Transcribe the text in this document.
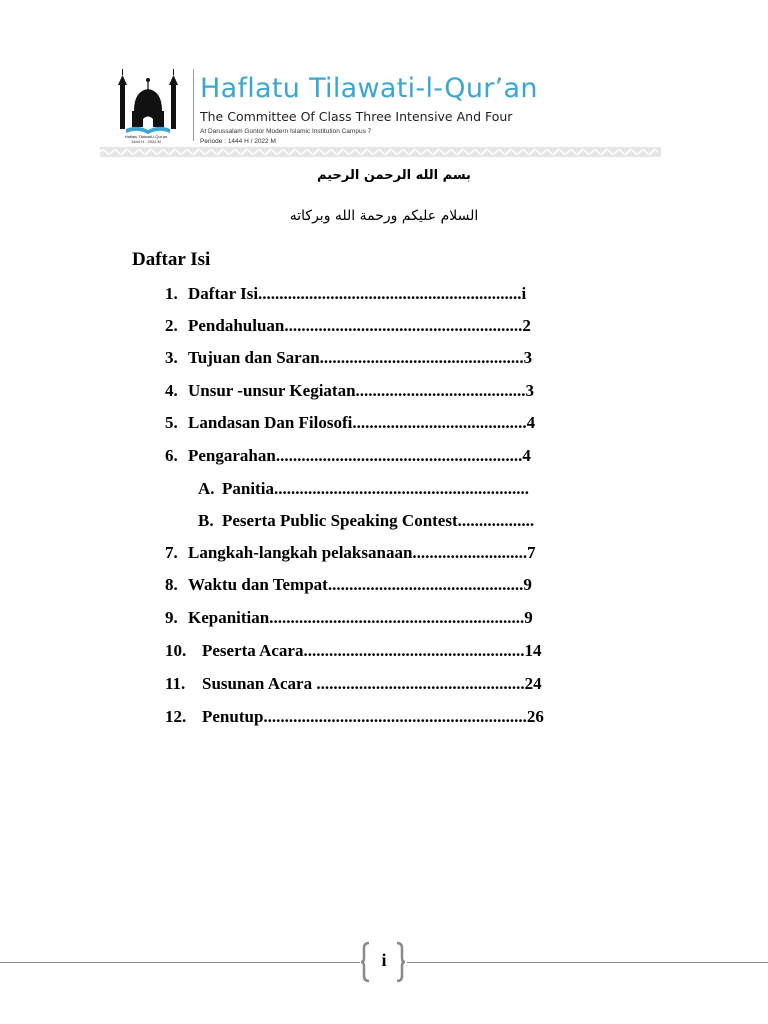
Haflatu Tilawati-l-Qur'an
1444 H - 2022 M
Haflatu Tilawati-l-Qur’an
The Committee Of Class Three Intensive And Four
At Darussalam Gontor Modern Islamic Institution Campus 7
Periode : 1444 H / 2022 M
بسم الله الرحمن الرحيم
السلام عليكم ورحمة الله وبركاته
Daftar Isi
1. Daftar Isi..............................................................i
2. Pendahuluan........................................................2
3. Tujuan dan Saran................................................3
4. Unsur -unsur Kegiatan........................................3
5. Landasan Dan Filosofi.........................................4
6. Pengarahan..........................................................4
A. Panitia............................................................
B. Peserta Public Speaking Contest..................
7. Langkah-langkah pelaksanaan...........................7
8. Waktu dan Tempat..............................................9
9. Kepanitian............................................................9
10. Peserta Acara....................................................14
11. Susunan Acara .................................................24
12. Penutup..............................................................26
i
